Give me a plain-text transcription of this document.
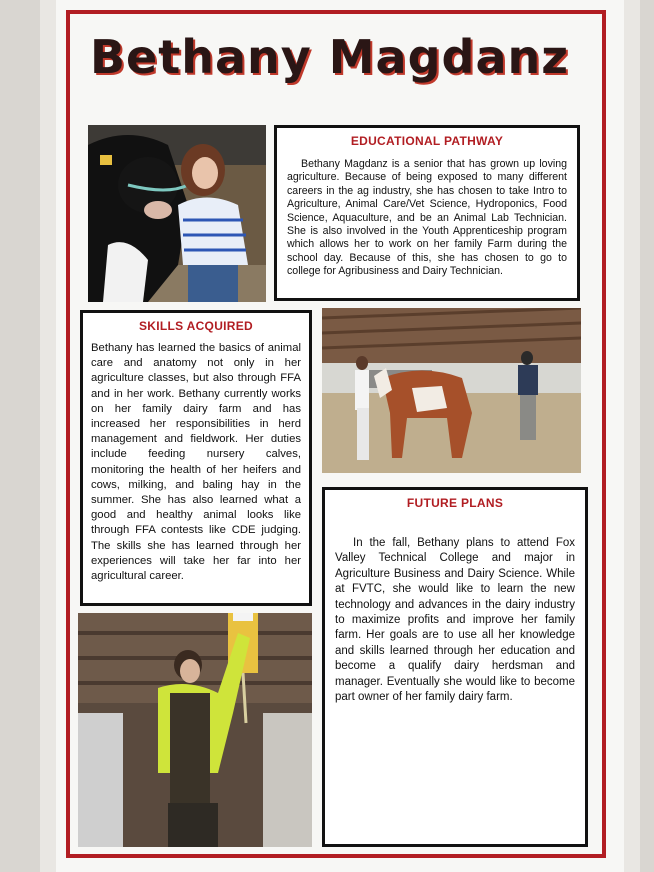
Bethany Magdanz
EDUCATIONAL PATHWAY
Bethany Magdanz is a senior that has grown up loving agriculture. Because of being exposed to many different careers in the ag industry, she has chosen to take Intro to Agriculture, Animal Care/Vet Science, Hydroponics, Food Science, Aquaculture, and be an Animal Lab Technician. She is also involved in the Youth Apprenticeship program which allows her to work on her family Farm during the school day. Because of this, she has chosen to go to college for Agribusiness and Dairy Technician.
SKILLS ACQUIRED
Bethany has learned the basics of animal care and anatomy not only in her agriculture classes, but also through FFA and in her work. Bethany currently works on her family dairy farm and has increased her responsibilities in herd management and fieldwork. Her duties include feeding nursery calves, monitoring the health of her heifers and cows, milking, and baling hay in the summer. She has also learned what a good and healthy animal looks like through FFA contests like CDE judging. The skills she has learned through her experiences will take her far into her agricultural career.
FUTURE PLANS
In the fall, Bethany plans to attend Fox Valley Technical College and major in Agriculture Business and Dairy Science. While at FVTC, she would like to learn the new technology and advances in the dairy industry to maximize profits and improve her family farm. Her goals are to use all her knowledge and skills learned through her education and become a qualify dairy herdsman and manager. Eventually she would like to become part owner of her family dairy farm.
